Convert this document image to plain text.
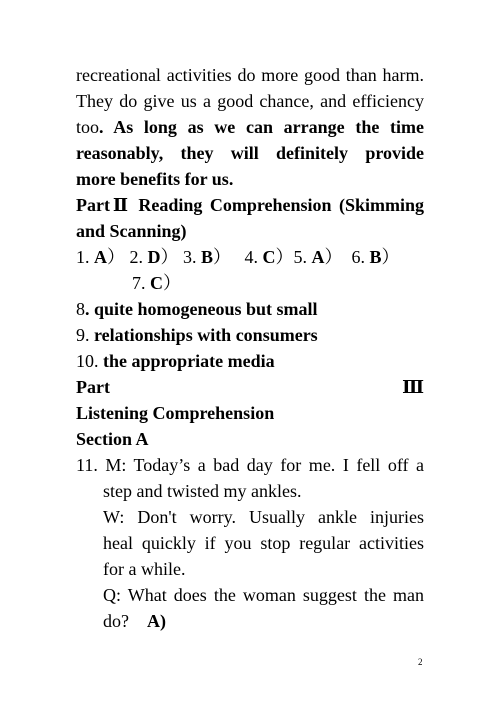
recreational activities do more good than harm.
They do give us a good chance, and efficiency
too. As long as we can arrange the time
reasonably, they will definitely provide
more benefits for us.
PartⅡ Reading Comprehension (Skimming
and Scanning)
1. A） 2. D） 3. B） 4. C）5. A） 6. B）
7. C）
8. quite homogeneous but small
9. relationships with consumers
10. the appropriate media
Part	Ⅲ
Listening Comprehension
Section A
11. M: Today’s a bad day for me. I fell off a
step and twisted my ankles.
W: Don't worry. Usually ankle injuries
heal quickly if you stop regular activities
for a while.
Q: What does the woman suggest the man
do? A)
2
